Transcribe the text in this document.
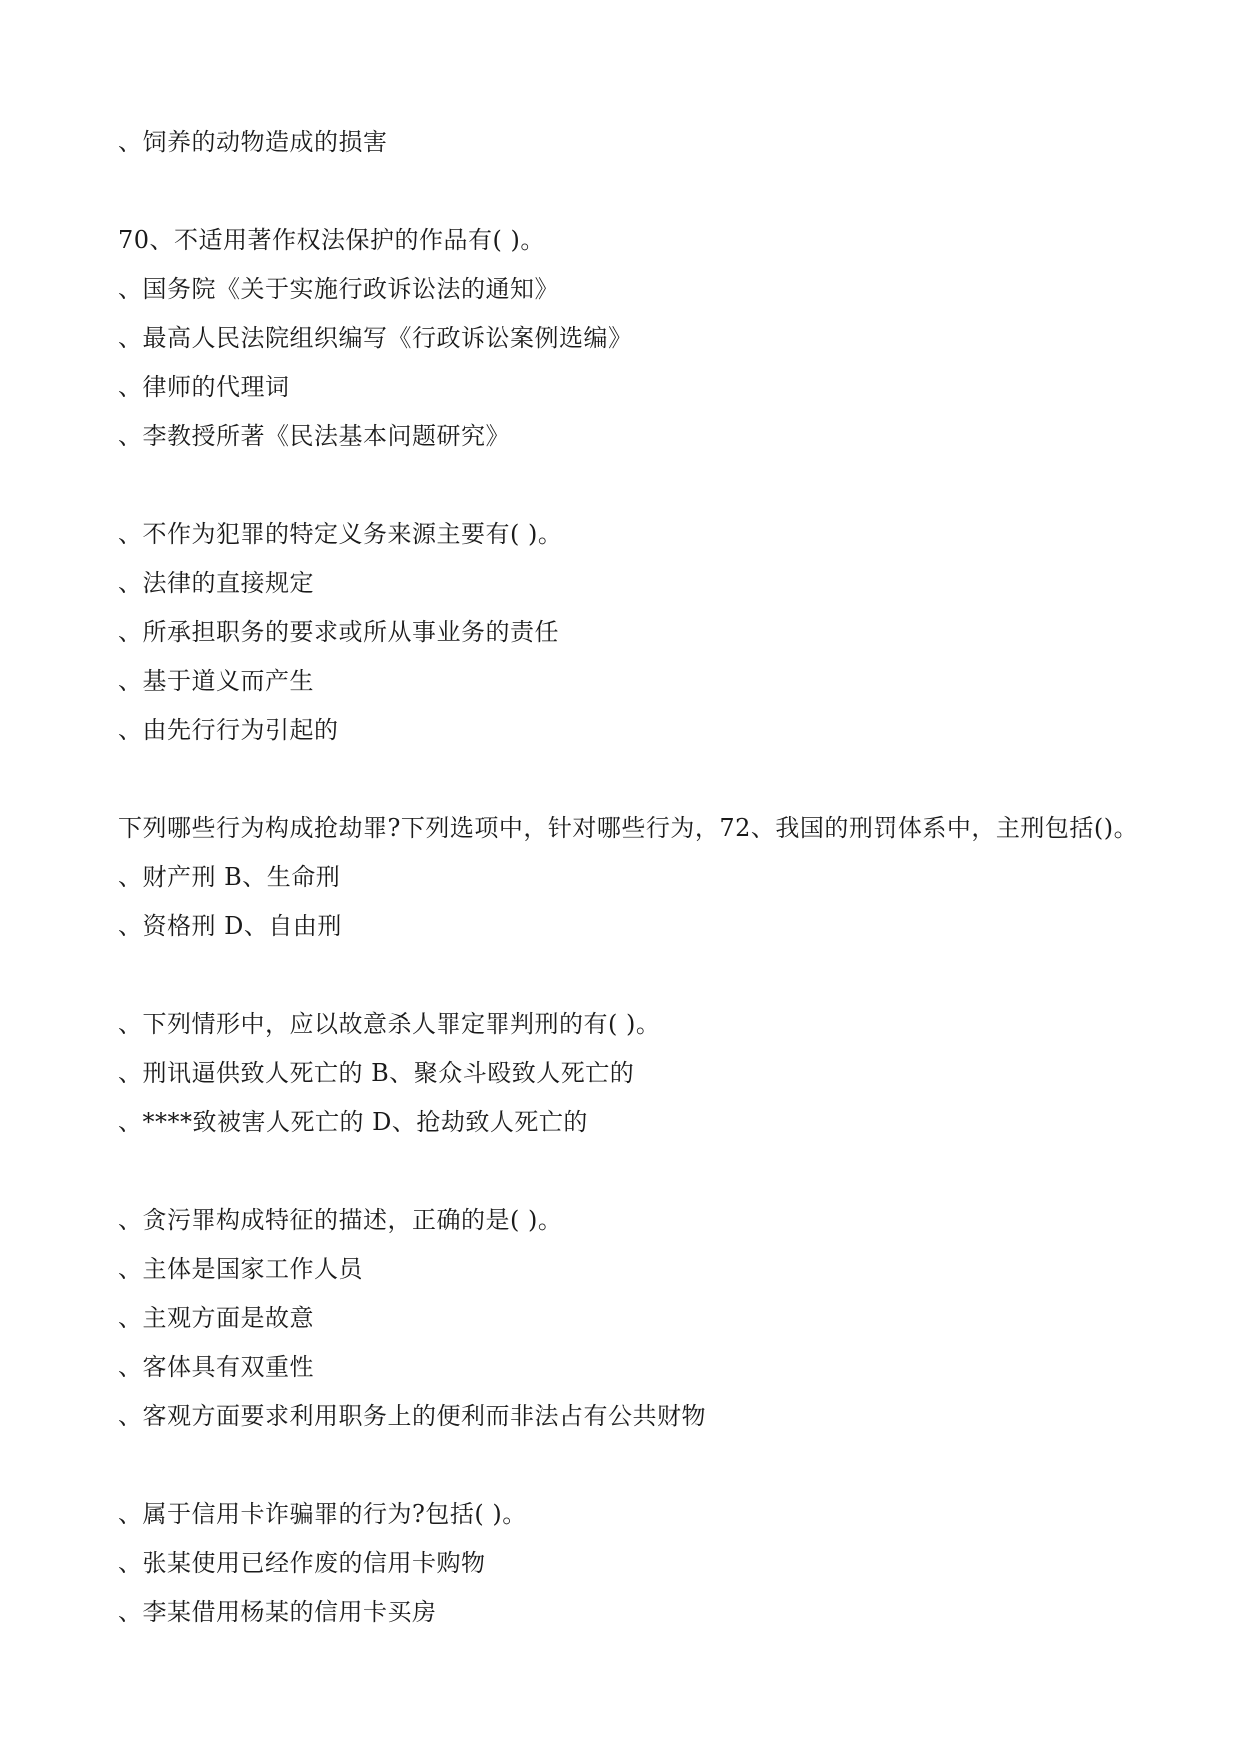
、饲养的动物造成的损害
70、不适用著作权法保护的作品有( )。
、国务院《关于实施行政诉讼法的通知》
、最高人民法院组织编写《行政诉讼案例选编》
、律师的代理词
、李教授所著《民法基本问题研究》
、不作为犯罪的特定义务来源主要有( )。
、法律的直接规定
、所承担职务的要求或所从事业务的责任
、基于道义而产生
、由先行行为引起的
下列哪些行为构成抢劫罪?下列选项中，针对哪些行为，72、我国的刑罚体系中，主刑包括()。
、财产刑 B、生命刑
、资格刑 D、自由刑
、下列情形中，应以故意杀人罪定罪判刑的有( )。
、刑讯逼供致人死亡的 B、聚众斗殴致人死亡的
、****致被害人死亡的 D、抢劫致人死亡的
、贪污罪构成特征的描述，正确的是( )。
、主体是国家工作人员
、主观方面是故意
、客体具有双重性
、客观方面要求利用职务上的便利而非法占有公共财物
、属于信用卡诈骗罪的行为?包括( )。
、张某使用已经作废的信用卡购物
、李某借用杨某的信用卡买房
